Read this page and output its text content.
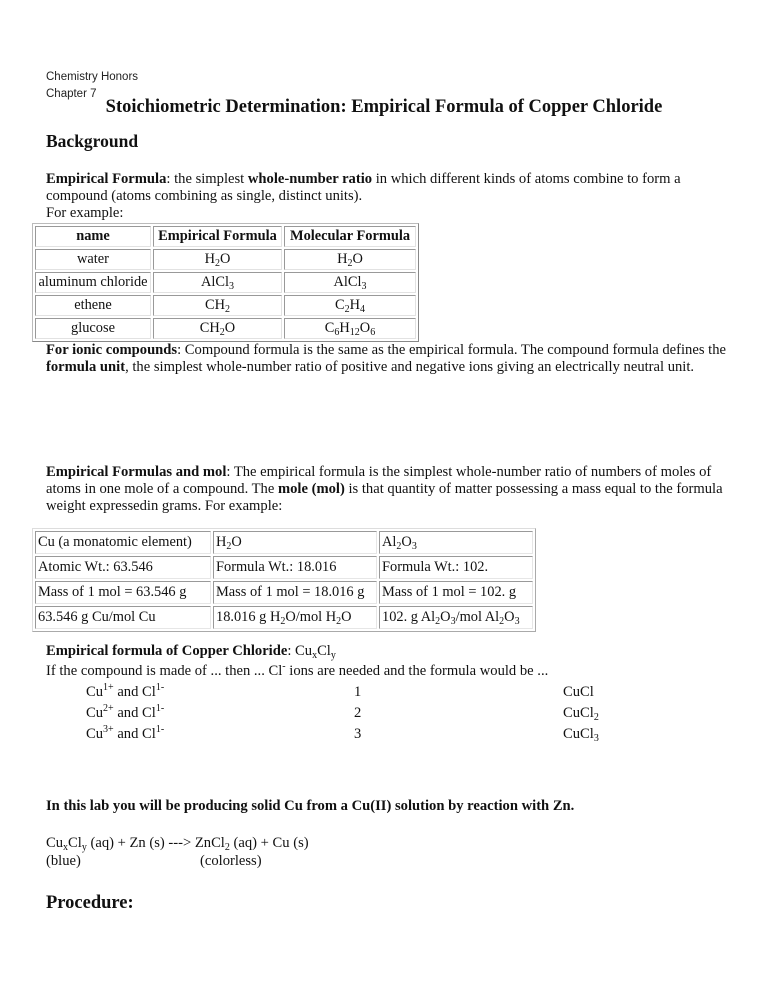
Chemistry Honors
Chapter 7
Stoichiometric Determination: Empirical Formula of Copper Chloride
Background
Empirical Formula: the simplest whole-number ratio in which different kinds of atoms combine to form a compound (atoms combining as single, distinct units).
For example:
name	Empirical Formula	Molecular Formula
water	$H_2O$	$H_2O$
aluminum chloride	AlCl$_3$	AlCl$_3$
ethene	$CH_2$	$C_2H_4$
glucose	$CH_2O$	$C_6H_{12}O_6$
For ionic compounds: Compound formula is the same as the empirical formula. The compound formula defines the formula unit, the simplest whole-number ratio of positive and negative ions giving an electrically neutral unit.
Empirical Formulas and mol: The empirical formula is the simplest whole-number ratio of numbers of moles of atoms in one mole of a compound. The mole (mol) is that quantity of matter possessing a mass equal to the formula weight expressedin grams. For example:
Cu (a monatomic element)	$H_2O$	$Al_2O_3$
Atomic Wt.: 63.546	Formula Wt.: 18.016	Formula Wt.: 102.
Mass of 1 mol = 63.546 g	Mass of 1 mol = 18.016 g	Mass of 1 mol = 102. g
63.546 g Cu/mol Cu	18.016 g $H_2O$/mol $H_2O$	102. g $Al_2O_3$/mol $Al_2O_3$
Empirical formula of Copper Chloride: $Cu_xCl_y$
If the compound is made of ... then ... Cl- ions are needed and the formula would be ...
$Cu^{1+}$ and $Cl^{1-}$	1	CuCl
$Cu^{2+}$ and $Cl^{1-}$	2	CuCl$_2$
$Cu^{3+}$ and $Cl^{1-}$	3	CuCl$_3$
In this lab you will be producing solid Cu from a Cu(II) solution by reaction with Zn.
$Cu_xCl_y$ (aq) + Zn (s) ---> ZnCl$_2$ (aq) + Cu (s)
(blue)	(colorless)
Procedure:
